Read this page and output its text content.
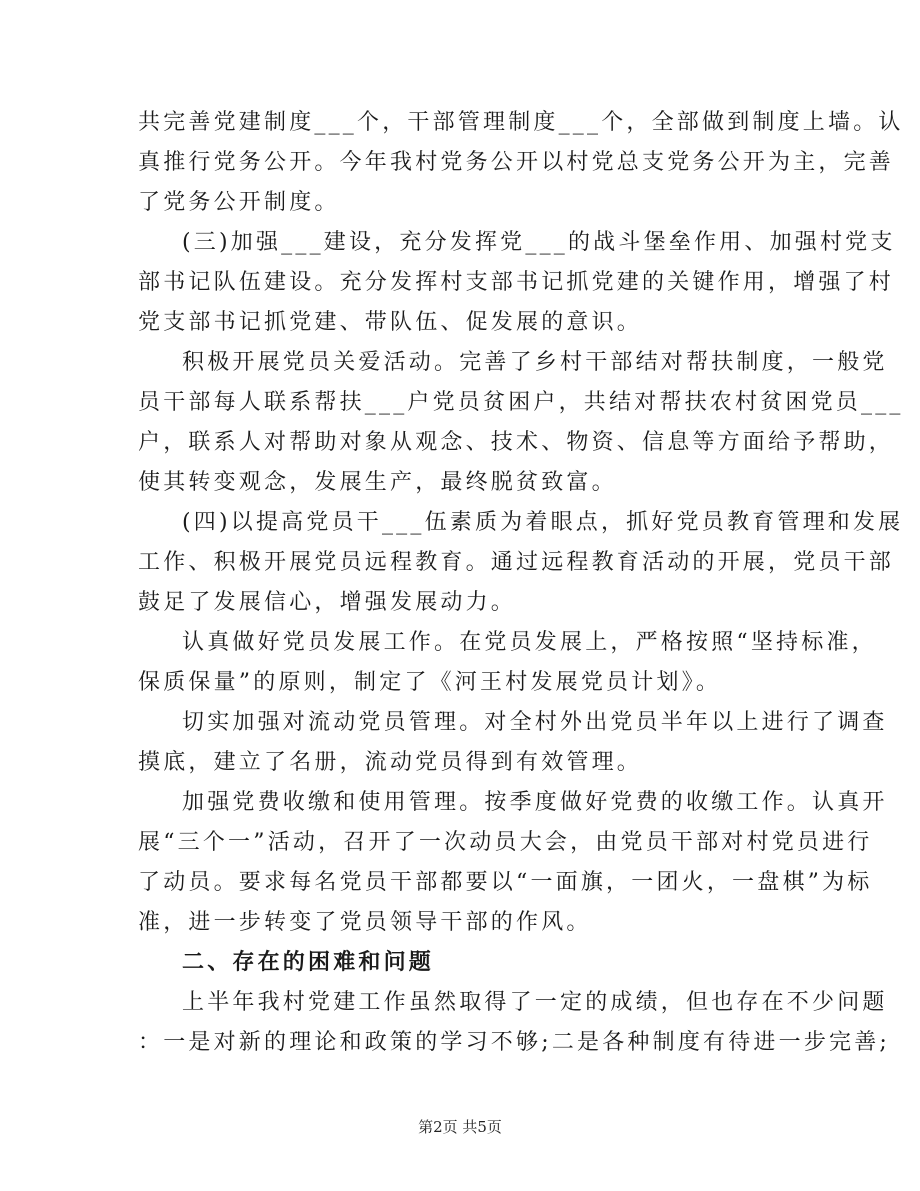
共完善党建制度___个，干部管理制度___个，全部做到制度上墙。认
真推行党务公开。今年我村党务公开以村党总支党务公开为主，完善
了党务公开制度。
(三)加强___建设，充分发挥党___的战斗堡垒作用、加强村党支
部书记队伍建设。充分发挥村支部书记抓党建的关键作用，增强了村
党支部书记抓党建、带队伍、促发展的意识。
积极开展党员关爱活动。完善了乡村干部结对帮扶制度，一般党
员干部每人联系帮扶___户党员贫困户，共结对帮扶农村贫困党员___
户，联系人对帮助对象从观念、技术、物资、信息等方面给予帮助，
使其转变观念，发展生产，最终脱贫致富。
(四)以提高党员干___伍素质为着眼点，抓好党员教育管理和发展
工作、积极开展党员远程教育。通过远程教育活动的开展，党员干部
鼓足了发展信心，增强发展动力。
认真做好党员发展工作。在党员发展上，严格按照“坚持标准，
保质保量”的原则，制定了《河王村发展党员计划》。
切实加强对流动党员管理。对全村外出党员半年以上进行了调查
摸底，建立了名册，流动党员得到有效管理。
加强党费收缴和使用管理。按季度做好党费的收缴工作。认真开
展“三个一”活动，召开了一次动员大会，由党员干部对村党员进行
了动员。要求每名党员干部都要以“一面旗，一团火，一盘棋”为标
准，进一步转变了党员领导干部的作风。
二、存在的困难和问题
上半年我村党建工作虽然取得了一定的成绩，但也存在不少问题
：一是对新的理论和政策的学习不够;二是各种制度有待进一步完善;
第2页 共5页
